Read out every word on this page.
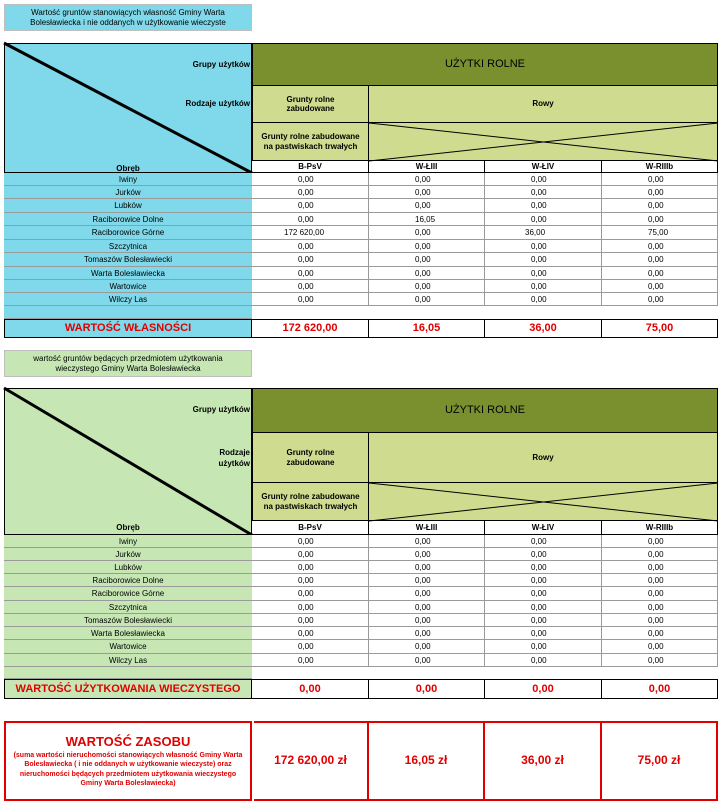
Wartość gruntów stanowiących własność Gminy Warta Bolesławiecka i nie oddanych w użytkowanie wieczyste
Grupy użytków
Rodzaje użytków
Obręb
UŻYTKI ROLNE
Grunty rolne zabudowane
Rowy
Grunty rolne zabudowane na pastwiskach trwałych
B-PsV	W-ŁIII	W-ŁIV	W-RIIIb
Iwiny	0,00	0,00	0,00	0,00
Jurków	0,00	0,00	0,00	0,00
Lubków	0,00	0,00	0,00	0,00
Raciborowice Dolne	0,00	16,05	0,00	0,00
Raciborowice Górne	172 620,00	0,00	36,00	75,00
Szczytnica	0,00	0,00	0,00	0,00
Tomaszów Bolesławiecki	0,00	0,00	0,00	0,00
Warta Bolesławiecka	0,00	0,00	0,00	0,00
Wartowice	0,00	0,00	0,00	0,00
Wilczy Las	0,00	0,00	0,00	0,00
WARTOŚĆ WŁASNOŚCI	172 620,00	16,05	36,00	75,00
wartość gruntów będących przedmiotem użytkowania wieczystego Gminy Warta Bolesławiecka
Grupy użytków
Rodzaje użytków
Obręb
UŻYTKI ROLNE
Grunty rolne zabudowane
Rowy
Grunty rolne zabudowane na pastwiskach trwałych
B-PsV	W-ŁIII	W-ŁIV	W-RIIIb
Iwiny	0,00	0,00	0,00	0,00
Jurków	0,00	0,00	0,00	0,00
Lubków	0,00	0,00	0,00	0,00
Raciborowice Dolne	0,00	0,00	0,00	0,00
Raciborowice Górne	0,00	0,00	0,00	0,00
Szczytnica	0,00	0,00	0,00	0,00
Tomaszów Bolesławiecki	0,00	0,00	0,00	0,00
Warta Bolesławiecka	0,00	0,00	0,00	0,00
Wartowice	0,00	0,00	0,00	0,00
Wilczy Las	0,00	0,00	0,00	0,00
WARTOŚĆ UŻYTKOWANIA WIECZYSTEGO	0,00	0,00	0,00	0,00
WARTOŚĆ ZASOBU
(suma wartości nieruchomości stanowiących własność Gminy Warta Bolesławiecka ( i nie oddanych w użytkowanie wieczyste) oraz nieruchomości będących przedmiotem użytkowania wieczystego Gminy Warta Bolesławiecka)
172 620,00 zł	16,05 zł	36,00 zł	75,00 zł
